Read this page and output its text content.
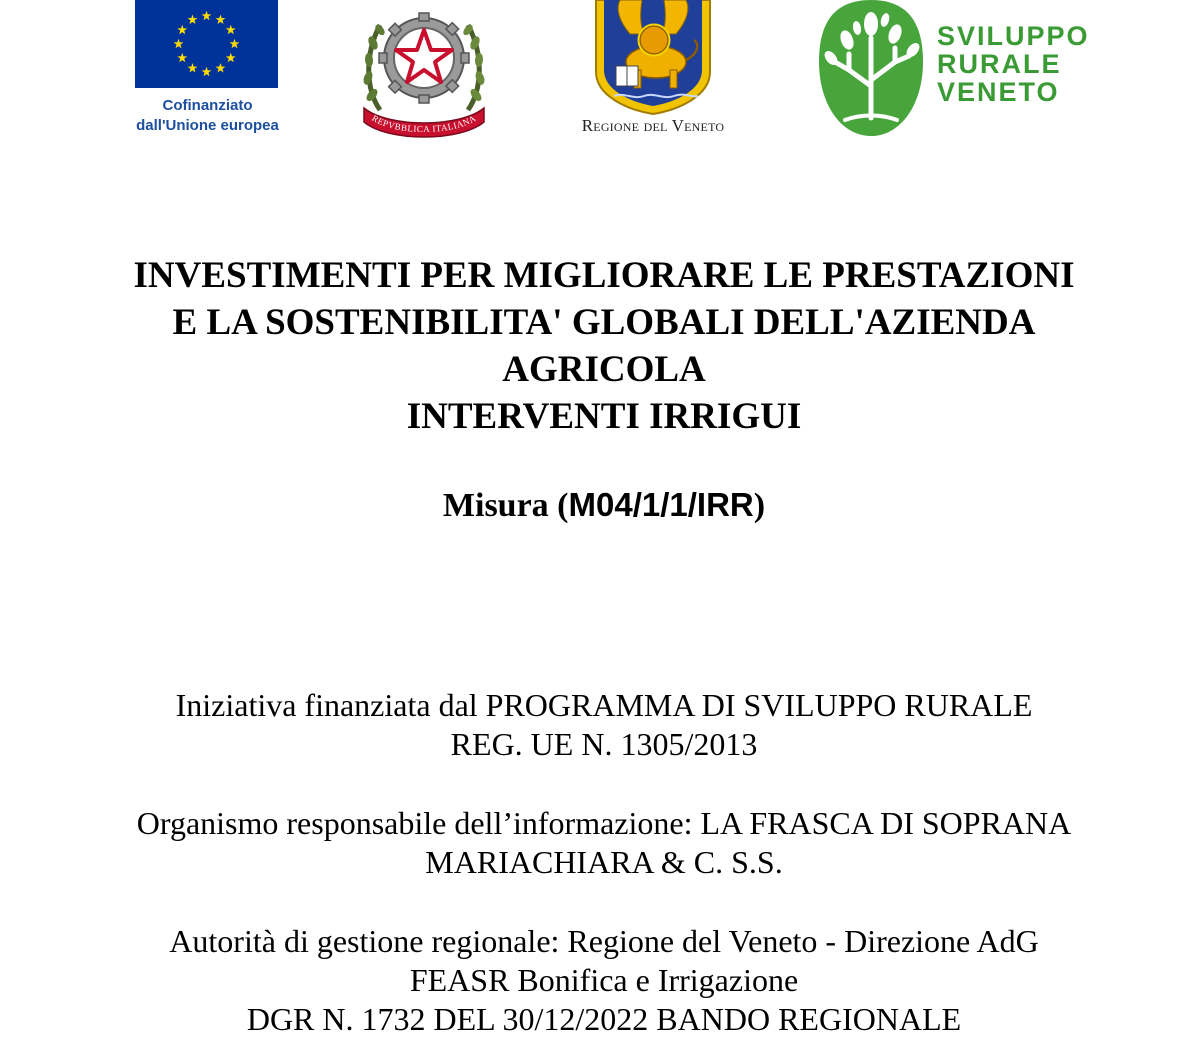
Cofinanziato
dall'Unione europea	REPVBBLICA ITALIANA	Regione del Veneto
SVILUPPO
RURALE
VENETO
INVESTIMENTI PER MIGLIORARE LE PRESTAZIONI
E LA SOSTENIBILITA' GLOBALI DELL'AZIENDA
AGRICOLA
INTERVENTI IRRIGUI
Misura (M04/1/1/IRR)
Iniziativa finanziata dal PROGRAMMA DI SVILUPPO RURALE
REG. UE N. 1305/2013
Organismo responsabile dell’informazione: LA FRASCA DI SOPRANA
MARIACHIARA & C. S.S.
Autorità di gestione regionale: Regione del Veneto - Direzione AdG
FEASR Bonifica e Irrigazione
DGR N. 1732 DEL 30/12/2022 BANDO REGIONALE
